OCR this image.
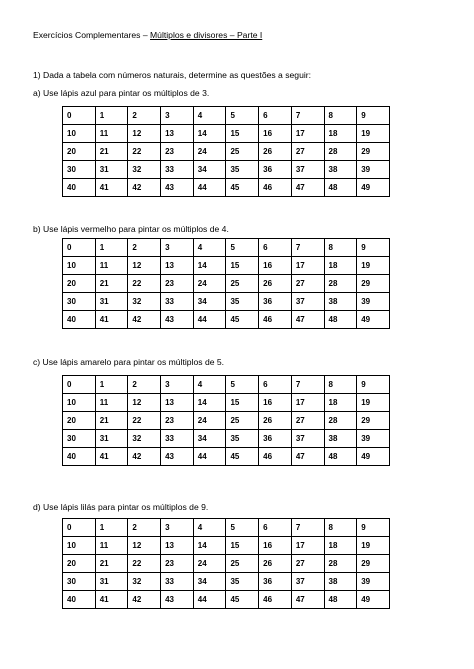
Exercícios Complementares – Múltiplos e divisores – Parte I
1) Dada a tabela com números naturais, determine as questões a seguir:
a) Use lápis azul para pintar os múltiplos de 3.
0	1	2	3	4	5	6	7	8	9
10	11	12	13	14	15	16	17	18	19
20	21	22	23	24	25	26	27	28	29
30	31	32	33	34	35	36	37	38	39
40	41	42	43	44	45	46	47	48	49
b) Use lápis vermelho para pintar os múltiplos de 4.
0	1	2	3	4	5	6	7	8	9
10	11	12	13	14	15	16	17	18	19
20	21	22	23	24	25	26	27	28	29
30	31	32	33	34	35	36	37	38	39
40	41	42	43	44	45	46	47	48	49
c) Use lápis amarelo para pintar os múltiplos de 5.
0	1	2	3	4	5	6	7	8	9
10	11	12	13	14	15	16	17	18	19
20	21	22	23	24	25	26	27	28	29
30	31	32	33	34	35	36	37	38	39
40	41	42	43	44	45	46	47	48	49
d) Use lápis lilás para pintar os múltiplos de 9.
0	1	2	3	4	5	6	7	8	9
10	11	12	13	14	15	16	17	18	19
20	21	22	23	24	25	26	27	28	29
30	31	32	33	34	35	36	37	38	39
40	41	42	43	44	45	46	47	48	49
